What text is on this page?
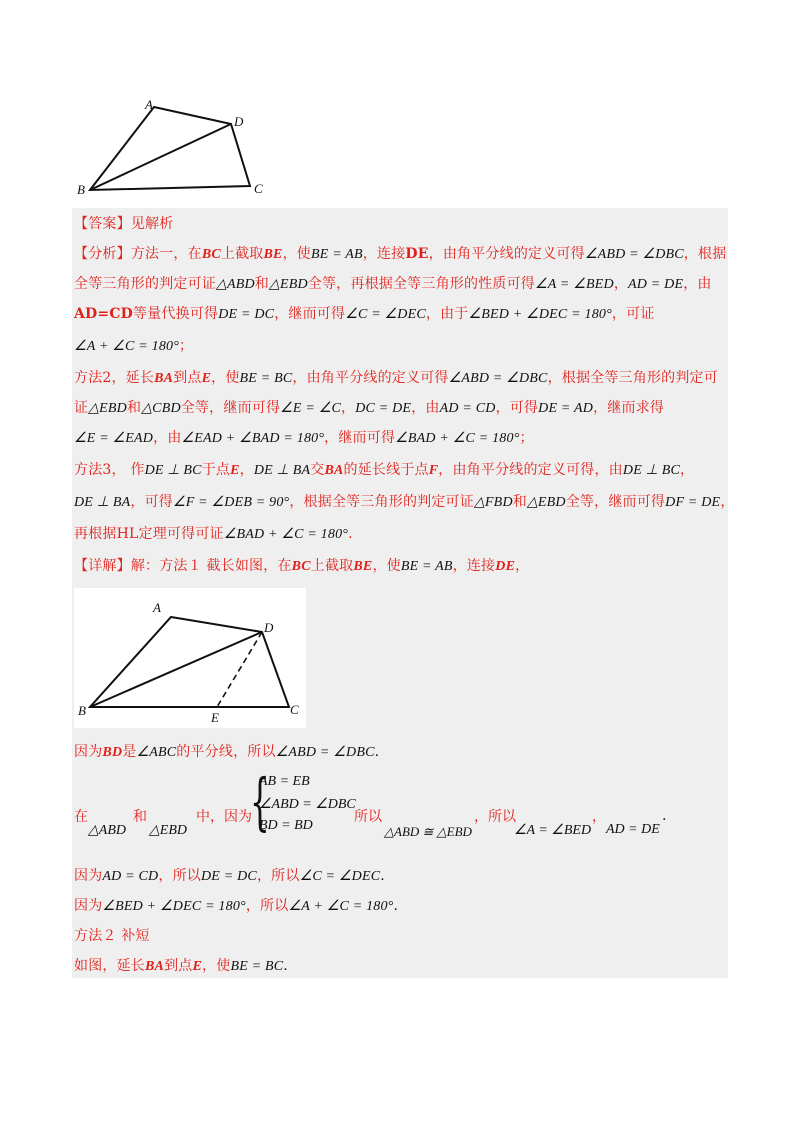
A
D
B	C
【答案】见解析
【分析】方法一，在BC上截取BE，使BE = AB，连接DE，由角平分线的定义可得∠ABD = ∠DBC，根据
全等三角形的判定可证△ABD和△EBD全等，再根据全等三角形的性质可得∠A = ∠BED，AD = DE，由
AD=CD等量代换可得DE = DC，继而可得∠C = ∠DEC，由于∠BED + ∠DEC = 180°，可证
∠A + ∠C = 180°；
方法2，延长BA到点E，使BE = BC，由角平分线的定义可得∠ABD = ∠DBC，根据全等三角形的判定可
证△EBD和△CBD全等，继而可得∠E = ∠C，DC = DE，由AD = CD，可得DE = AD，继而求得
∠E = ∠EAD，由∠EAD + ∠BAD = 180°，继而可得∠BAD + ∠C = 180°；
方法3， 作DE ⊥ BC于点E，DE ⊥ BA交BA的延长线于点F，由角平分线的定义可得，由DE ⊥ BC，
DE ⊥ BA，可得∠F = ∠DEB = 90°，根据全等三角形的判定可证△FBD和△EBD全等，继而可得DF = DE，
再根据HL定理可得可证∠BAD + ∠C = 180°.
【详解】解：方法１ 截长如图，在BC上截取BE，使BE = AB，连接DE，
A
D
B	C
E
因为BD是∠ABC的平分线，所以∠ABD = ∠DBC.
在	和	中，因为
△ABD △EBD {
AB = EB
∠ABD = ∠DBC
BD = BD
所以
△ABD ≅ △EBD
，所以
∠A = ∠BED
，
AD = DE
.
因为AD = CD，所以DE = DC，所以∠C = ∠DEC.
因为∠BED + ∠DEC = 180°，所以∠A + ∠C = 180°.
方法２ 补短
如图，延长BA到点E，使BE = BC.
